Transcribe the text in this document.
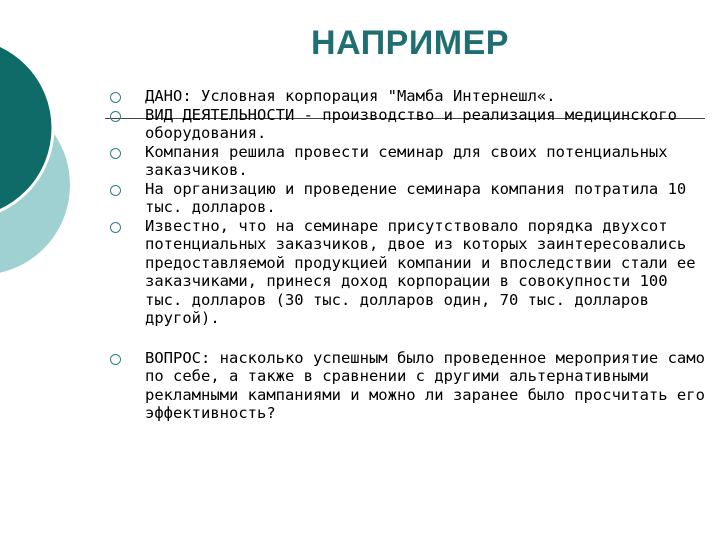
НАПРИМЕР
ДАНО: Условная корпорация "Мамба Интернешл«.
ВИД ДЕЯТЕЛЬНОСТИ - производство и реализация медицинского оборудования.
Компания решила провести семинар для своих потенциальных заказчиков.
На организацию и проведение семинара компания потратила 10 тыс. долларов.
Известно, что на семинаре присутствовало порядка двухсот потенциальных заказчиков, двое из которых заинтересовались предоставляемой продукцией компании и впоследствии стали ее заказчиками, принеся доход корпорации в совокупности 100 тыс. долларов (30 тыс. долларов один, 70 тыс. долларов другой).
ВОПРОС: насколько успешным было проведенное мероприятие само по себе, а также в сравнении с другими альтернативными рекламными кампаниями и можно ли заранее было просчитать его эффективность?
